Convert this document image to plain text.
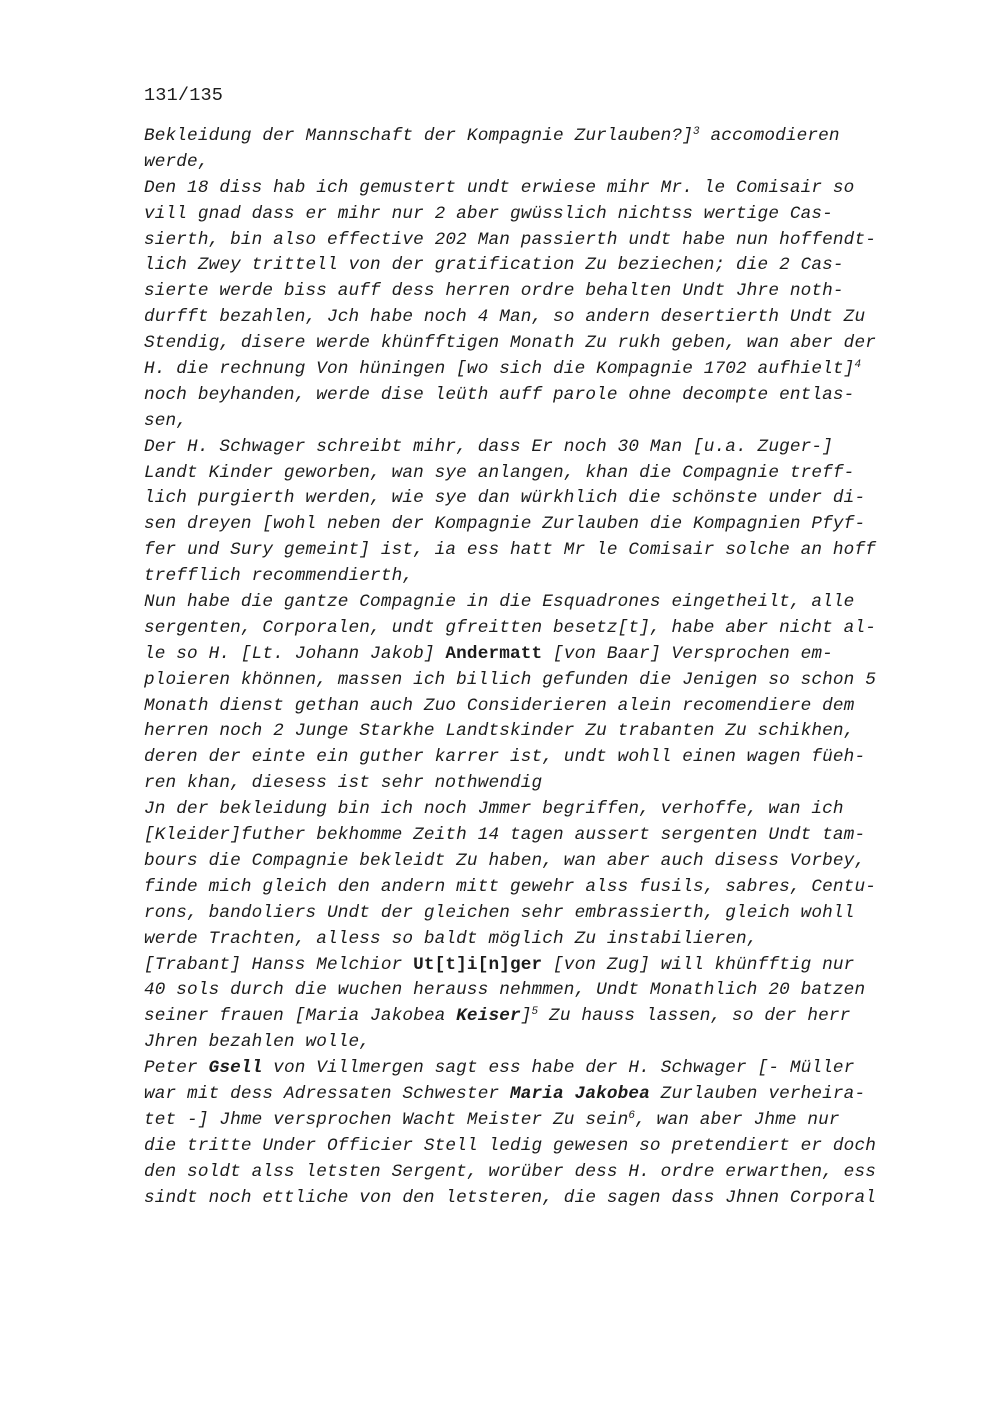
131/135
Bekleidung der Mannschaft der Kompagnie Zurlauben?]$^3$ accomodieren
werde,
Den 18 diss hab ich gemustert undt erwiese mihr Mr. le Comisair so
vill gnad dass er mihr nur 2 aber gwüsslich nichtss wertige Cas-
sierth, bin also effective 202 Man passierth undt habe nun hoffendt-
lich Zwey trittell von der gratification Zu beziechen; die 2 Cas-
sierte werde biss auff dess herren ordre behalten Undt Jhre noth-
durfft bezahlen, Jch habe noch 4 Man, so andern desertierth Undt Zu
Stendig, disere werde khünfftigen Monath Zu rukh geben, wan aber der
H. die rechnung Von hüningen [wo sich die Kompagnie 1702 aufhielt]$^4$
noch beyhanden, werde dise leüth auff parole ohne decompte entlas-
sen,
Der H. Schwager schreibt mihr, dass Er noch 30 Man [u.a. Zuger-]
Landt Kinder geworben, wan sye anlangen, khan die Compagnie treff-
lich purgierth werden, wie sye dan würkhlich die schönste under di-
sen dreyen [wohl neben der Kompagnie Zurlauben die Kompagnien Pfyf-
fer und Sury gemeint] ist, ia ess hatt Mr le Comisair solche an hoff
trefflich recommendierth,
Nun habe die gantze Compagnie in die Esquadrones eingetheilt, alle
sergenten, Corporalen, undt gfreitten besetz[t], habe aber nicht al-
le so H. [Lt. Johann Jakob] Andermatt [von Baar] Versprochen em-
ploieren khönnen, massen ich billich gefunden die Jenigen so schon 5
Monath dienst gethan auch Zuo Considerieren alein recomendiere dem
herren noch 2 Junge Starkhe Landtskinder Zu trabanten Zu schikhen,
deren der einte ein guther karrer ist, undt wohll einen wagen füeh-
ren khan, diesess ist sehr nothwendig
Jn der bekleidung bin ich noch Jmmer begriffen, verhoffe, wan ich
[Kleider]futher bekhomme Zeith 14 tagen aussert sergenten Undt tam-
bours die Compagnie bekleidt Zu haben, wan aber auch disess Vorbey,
finde mich gleich den andern mitt gewehr alss fusils, sabres, Centu-
rons, bandoliers Undt der gleichen sehr embrassierth, gleich wohll
werde Trachten, alless so baldt möglich Zu instabilieren,
[Trabant] Hanss Melchior Ut[t]i[n]ger [von Zug] will khünfftig nur
40 sols durch die wuchen herauss nehmmen, Undt Monathlich 20 batzen
seiner frauen [Maria Jakobea Keiser]$^5$ Zu hauss lassen, so der herr
Jhren bezahlen wolle,
Peter Gsell von Villmergen sagt ess habe der H. Schwager [- Müller
war mit dess Adressaten Schwester Maria Jakobea Zurlauben verheira-
tet -] Jhme versprochen Wacht Meister Zu sein$^6$, wan aber Jhme nur
die tritte Under Officier Stell ledig gewesen so pretendiert er doch
den soldt alss letsten Sergent, worüber dess H. ordre erwarthen, ess
sindt noch ettliche von den letsteren, die sagen dass Jhnen Corporal
